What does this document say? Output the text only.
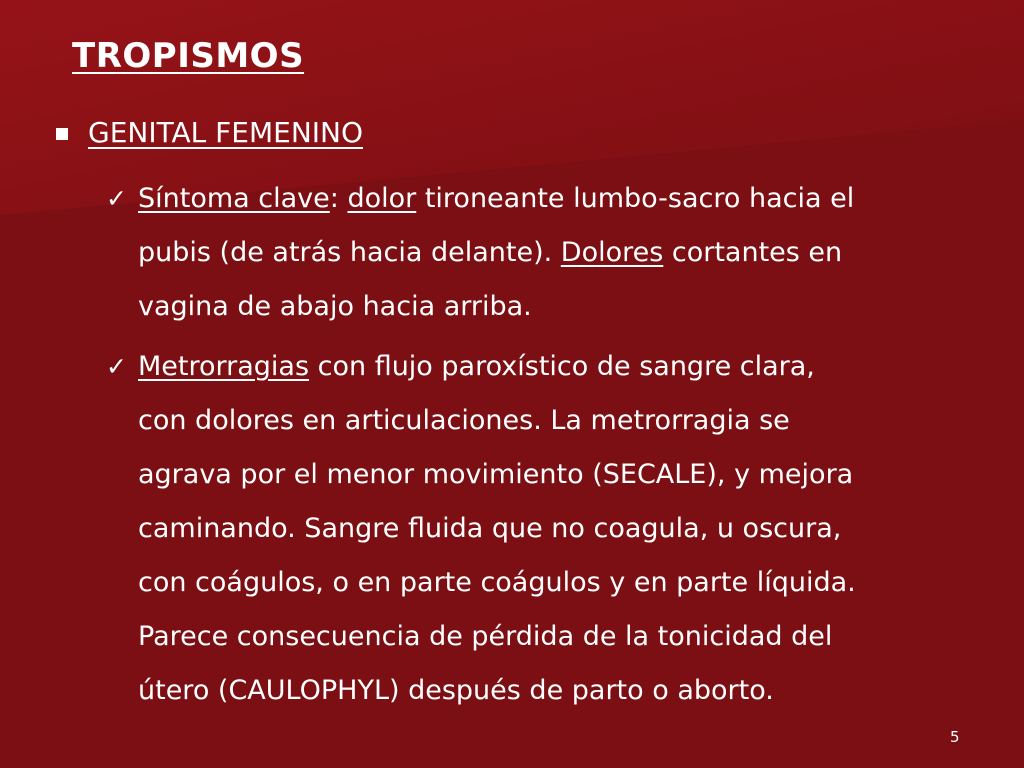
TROPISMOS
GENITAL FEMENINO
✓ Síntoma clave: dolor tironeante lumbo-sacro hacia el
pubis (de atrás hacia delante). Dolores cortantes en
vagina de abajo hacia arriba.
✓ Metrorragias con flujo paroxístico de sangre clara,
con dolores en articulaciones. La metrorragia se
agrava por el menor movimiento (SECALE), y mejora
caminando. Sangre fluida que no coagula, u oscura,
con coágulos, o en parte coágulos y en parte líquida.
Parece consecuencia de pérdida de la tonicidad del
útero (CAULOPHYL) después de parto o aborto.
5
